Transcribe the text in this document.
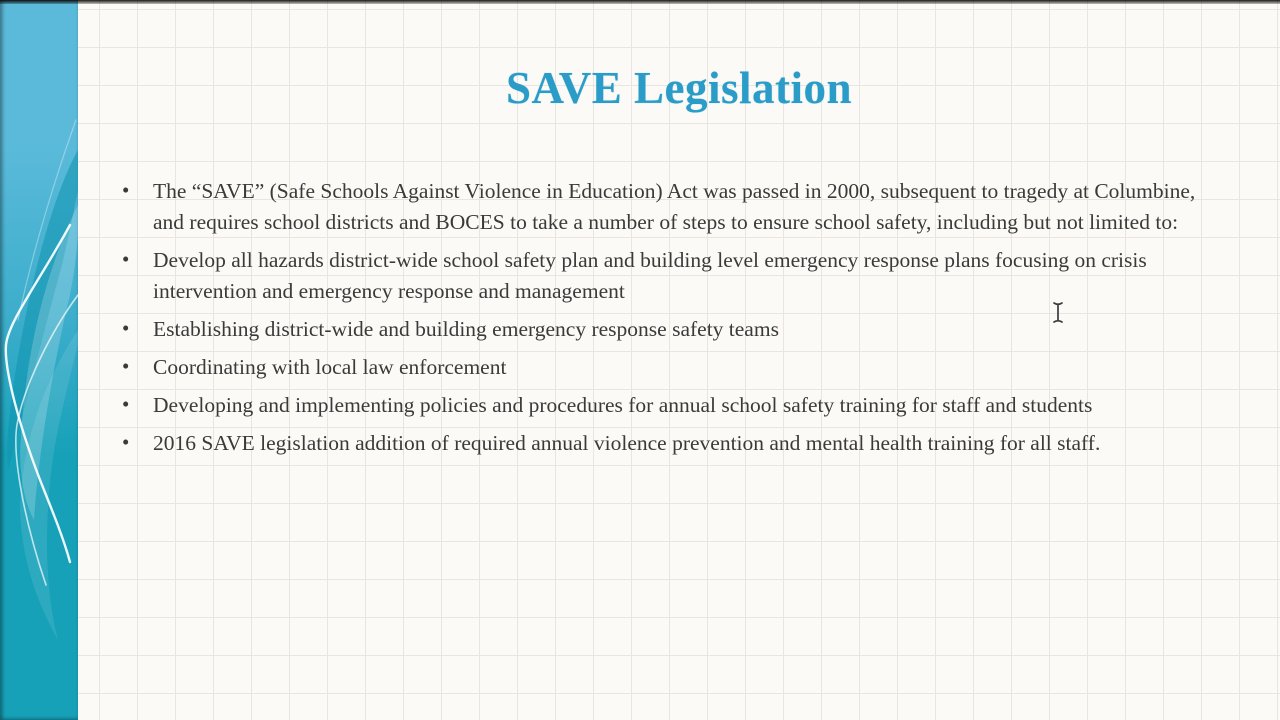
SAVE Legislation
• The “SAVE” (Safe Schools Against Violence in Education) Act was passed in 2000, subsequent to tragedy at Columbine, and requires school districts and BOCES to take a number of steps to ensure school safety, including but not limited to:
• Develop all hazards district-wide school safety plan and building level emergency response plans focusing on crisis intervention and emergency response and management
• Establishing district-wide and building emergency response safety teams
• Coordinating with local law enforcement
• Developing and implementing policies and procedures for annual school safety training for staff and students
• 2016 SAVE legislation addition of required annual violence prevention and mental health training for all staff.
